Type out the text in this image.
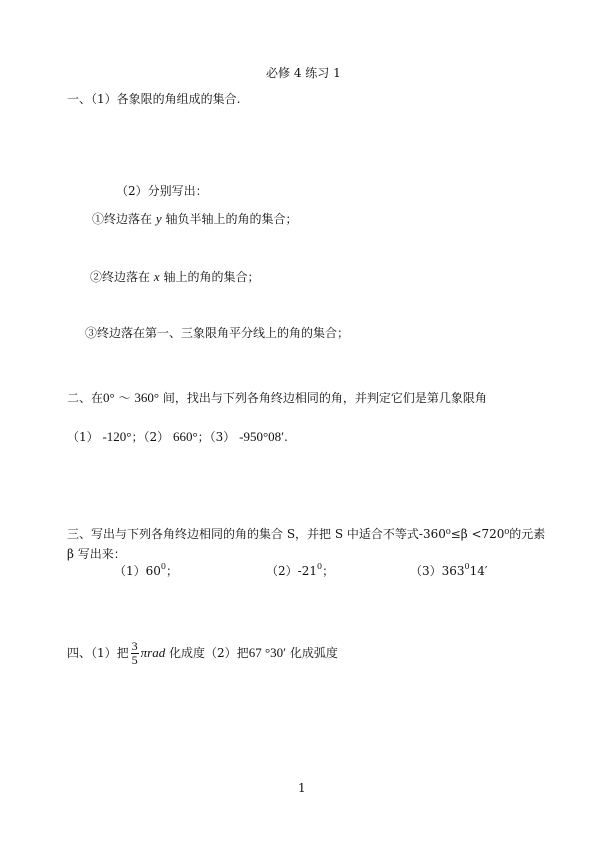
必修 4 练习 1
一、（1）各象限的角组成的集合.
（2）分别写出：
①终边落在 y 轴负半轴上的角的集合；
②终边落在 x 轴上的角的集合；
③终边落在第一、三象限角平分线上的角的集合；
二、在0° ～ 360° 间，找出与下列各角终边相同的角，并判定它们是第几象限角
（1） -120°；（2） 660°；（3） -950°08′.
三、写出与下列各角终边相同的角的集合 S，并把 S 中适合不等式-360⁰≤β <720⁰的元素
β 写出来：
$(1)60^0$；	$(2)-21^0$；	$(3)363^014'$
四、（1）把 $\frac{3}{5}$ πrad 化成度（2）把67 °30′ 化成弧度
1
